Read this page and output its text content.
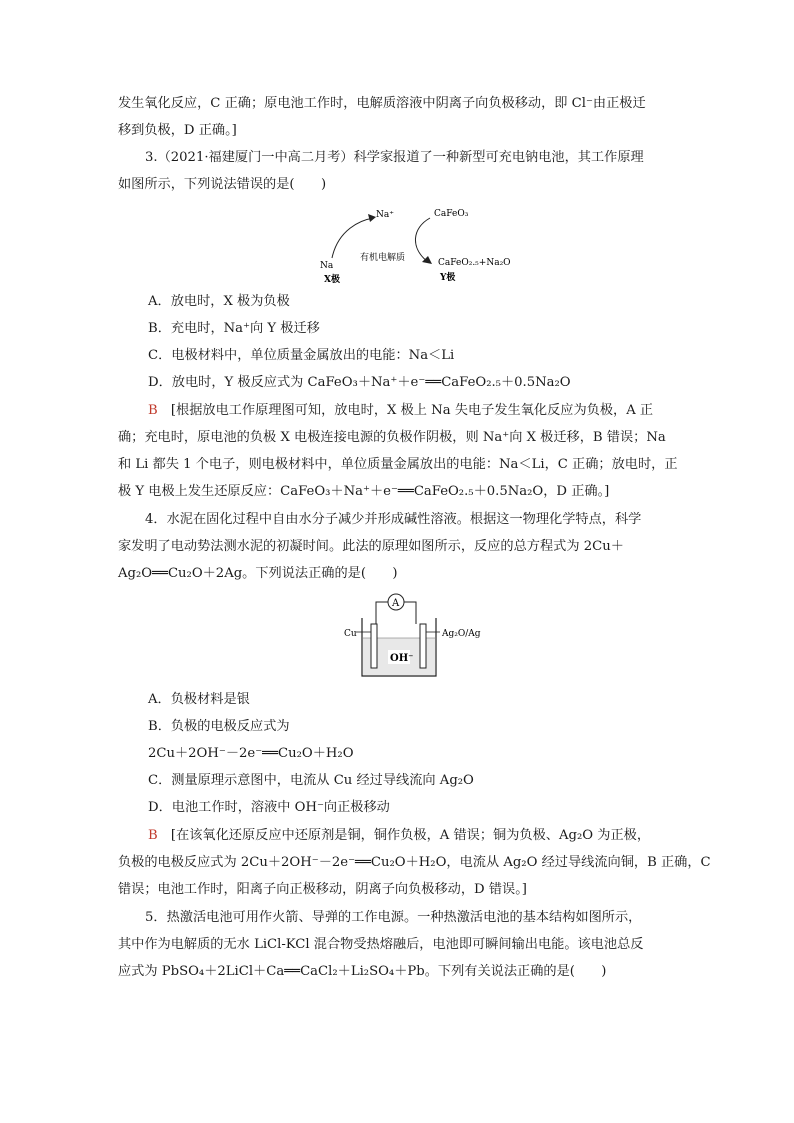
发生氧化反应，C 正确；原电池工作时，电解质溶液中阴离子向负极移动，即 Cl⁻由正极迁
移到负极，D 正确。]
3.（2021·福建厦门一中高二月考）科学家报道了一种新型可充电钠电池，其工作原理
如图所示，下列说法错误的是(　　)
Na⁺	CaFeO₃
Na
有机电解质	CaFeO₂.₅+Na₂O
X极	Y极
A．放电时，X 极为负极
B．充电时，Na⁺向 Y 极迁移
C．电极材料中，单位质量金属放出的电能：Na＜Li
D．放电时，Y 极反应式为 CaFeO₃＋Na⁺＋e⁻══CaFeO₂.₅＋0.5Na₂O
B　 [根据放电工作原理图可知，放电时，X 极上 Na 失电子发生氧化反应为负极，A 正
确；充电时，原电池的负极 X 电极连接电源的负极作阴极，则 Na⁺向 X 极迁移，B 错误；Na
和 Li 都失 1 个电子，则电极材料中，单位质量金属放出的电能：Na＜Li，C 正确；放电时，正
极 Y 电极上发生还原反应：CaFeO₃＋Na⁺＋e⁻══CaFeO₂.₅＋0.5Na₂O，D 正确。]
4．水泥在固化过程中自由水分子减少并形成碱性溶液。根据这一物理化学特点，科学
家发明了电动势法测水泥的初凝时间。此法的原理如图所示，反应的总方程式为 2Cu＋
Ag₂O══Cu₂O＋2Ag。下列说法正确的是(　　)
A
Cu	Ag₂O/Ag
OH⁻
A．负极材料是银
B．负极的电极反应式为
2Cu＋2OH⁻－2e⁻══Cu₂O＋H₂O
C．测量原理示意图中，电流从 Cu 经过导线流向 Ag₂O
D．电池工作时，溶液中 OH⁻向正极移动
B　 [在该氧化还原反应中还原剂是铜，铜作负极，A 错误；铜为负极、Ag₂O 为正极，
负极的电极反应式为 2Cu＋2OH⁻－2e⁻══Cu₂O＋H₂O，电流从 Ag₂O 经过导线流向铜，B 正确，C
错误；电池工作时，阳离子向正极移动，阴离子向负极移动，D 错误。]
5．热激活电池可用作火箭、导弹的工作电源。一种热激活电池的基本结构如图所示，
其中作为电解质的无水 LiCl-KCl 混合物受热熔融后，电池即可瞬间输出电能。该电池总反
应式为 PbSO₄＋2LiCl＋Ca══CaCl₂＋Li₂SO₄＋Pb。下列有关说法正确的是(　　)
